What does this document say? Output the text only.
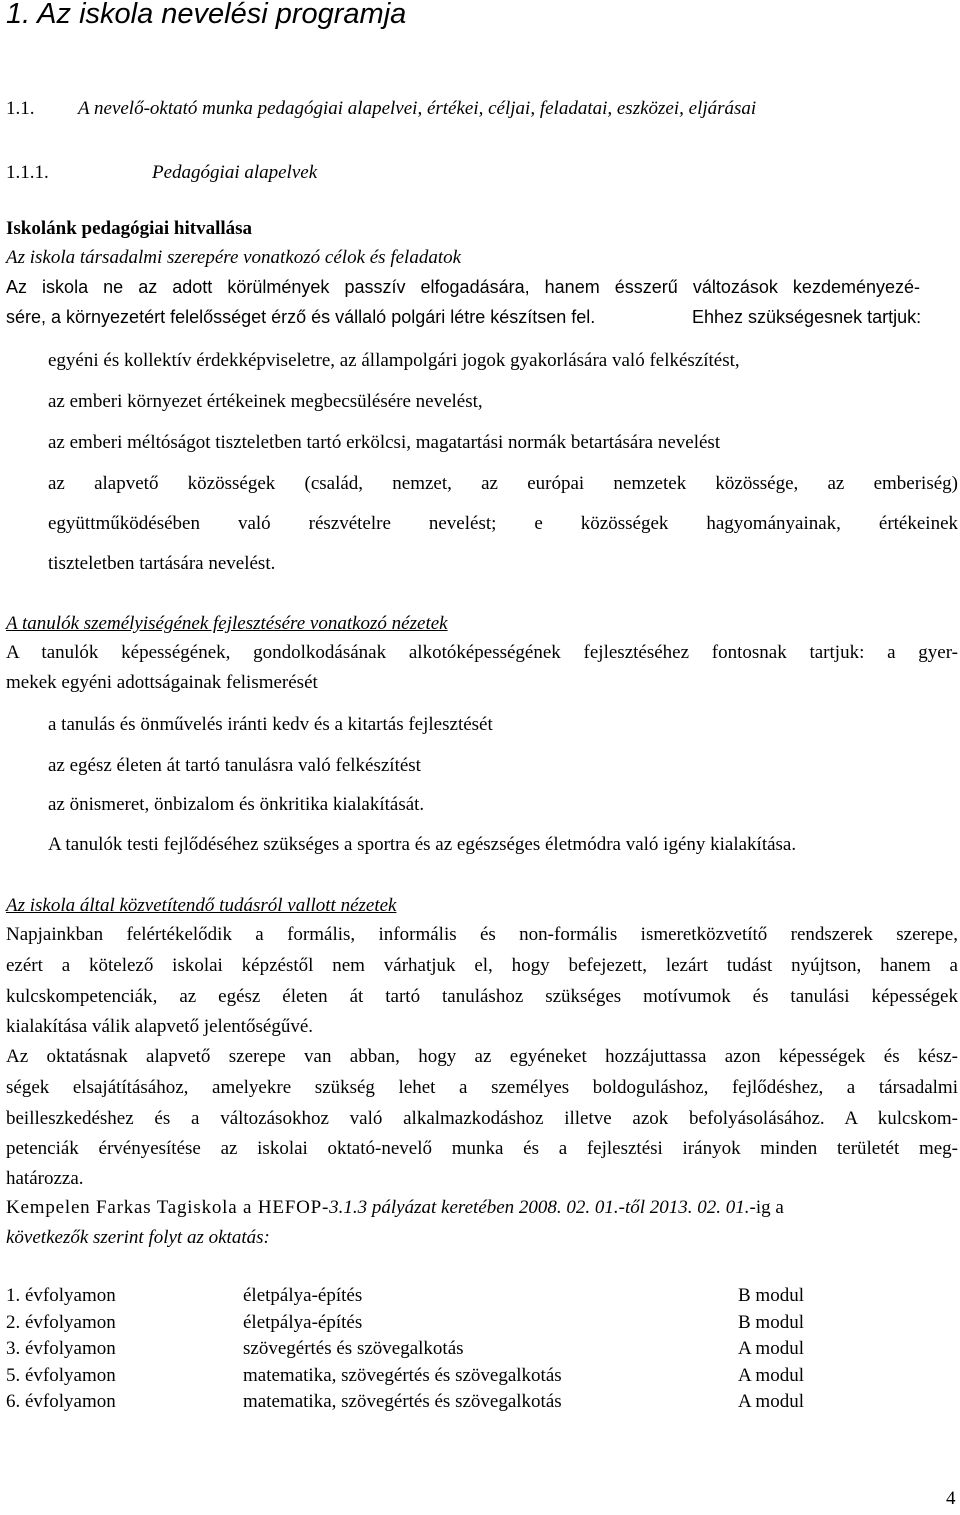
1. Az iskola nevelési programja
1.1. A nevelő-oktató munka pedagógiai alapelvei, értékei, céljai, feladatai, eszközei, eljárásai
1.1.1.	Pedagógiai alapelvek
Iskolánk pedagógiai hitvallása
Az iskola társadalmi szerepére vonatkozó célok és feladatok
Az iskola ne az adott körülmények passzív elfogadására, hanem ésszerű változások kezdeményezé-
sére, a környezetért felelősséget érző és vállaló polgári létre készítsen fel.	Ehhez szükségesnek tartjuk:
egyéni és kollektív érdekképviseletre, az állampolgári jogok gyakorlására való felkészítést,
az emberi környezet értékeinek megbecsülésére nevelést,
az emberi méltóságot tiszteletben tartó erkölcsi, magatartási normák betartására nevelést
az alapvető közösségek (család, nemzet, az európai nemzetek közössége, az emberiség)
együttműködésében való részvételre nevelést; e közösségek hagyományainak, értékeinek
tiszteletben tartására nevelést.
A tanulók személyiségének fejlesztésére vonatkozó nézetek
A tanulók képességének, gondolkodásának alkotóképességének fejlesztéséhez fontosnak tartjuk: a gyer-
mekek egyéni adottságainak felismerését
a tanulás és önművelés iránti kedv és a kitartás fejlesztését
az egész életen át tartó tanulásra való felkészítést
az önismeret, önbizalom és önkritika kialakítását.
A tanulók testi fejlődéséhez szükséges a sportra és az egészséges életmódra való igény kialakítása.
Az iskola által közvetítendő tudásról vallott nézetek
Napjainkban felértékelődik a formális, informális és non-formális ismeretközvetítő rendszerek szerepe,
ezért a kötelező iskolai képzéstől nem várhatjuk el, hogy befejezett, lezárt tudást nyújtson, hanem a
kulcskompetenciák, az egész életen át tartó tanuláshoz szükséges motívumok és tanulási képességek
kialakítása válik alapvető jelentőségűvé.
Az oktatásnak alapvető szerepe van abban, hogy az egyéneket hozzájuttassa azon képességek és kész-
ségek elsajátításához, amelyekre szükség lehet a személyes boldoguláshoz, fejlődéshez, a társadalmi
beilleszkedéshez és a változásokhoz való alkalmazkodáshoz illetve azok befolyásolásához. A kulcskom-
petenciák érvényesítése az iskolai oktató-nevelő munka és a fejlesztési irányok minden területét meg-
határozza.
Kempelen Farkas Tagiskola a HEFOP-3.1.3 pályázat keretében 2008. 02. 01.-től 2013. 02. 01.-ig a
következők szerint folyt az oktatás:
1. évfolyamon	életpálya-építés	B modul
2. évfolyamon	életpálya-építés	B modul
3. évfolyamon	szövegértés és szövegalkotás	A modul
5. évfolyamon	matematika, szövegértés és szövegalkotás	A modul
6. évfolyamon	matematika, szövegértés és szövegalkotás	A modul
4
